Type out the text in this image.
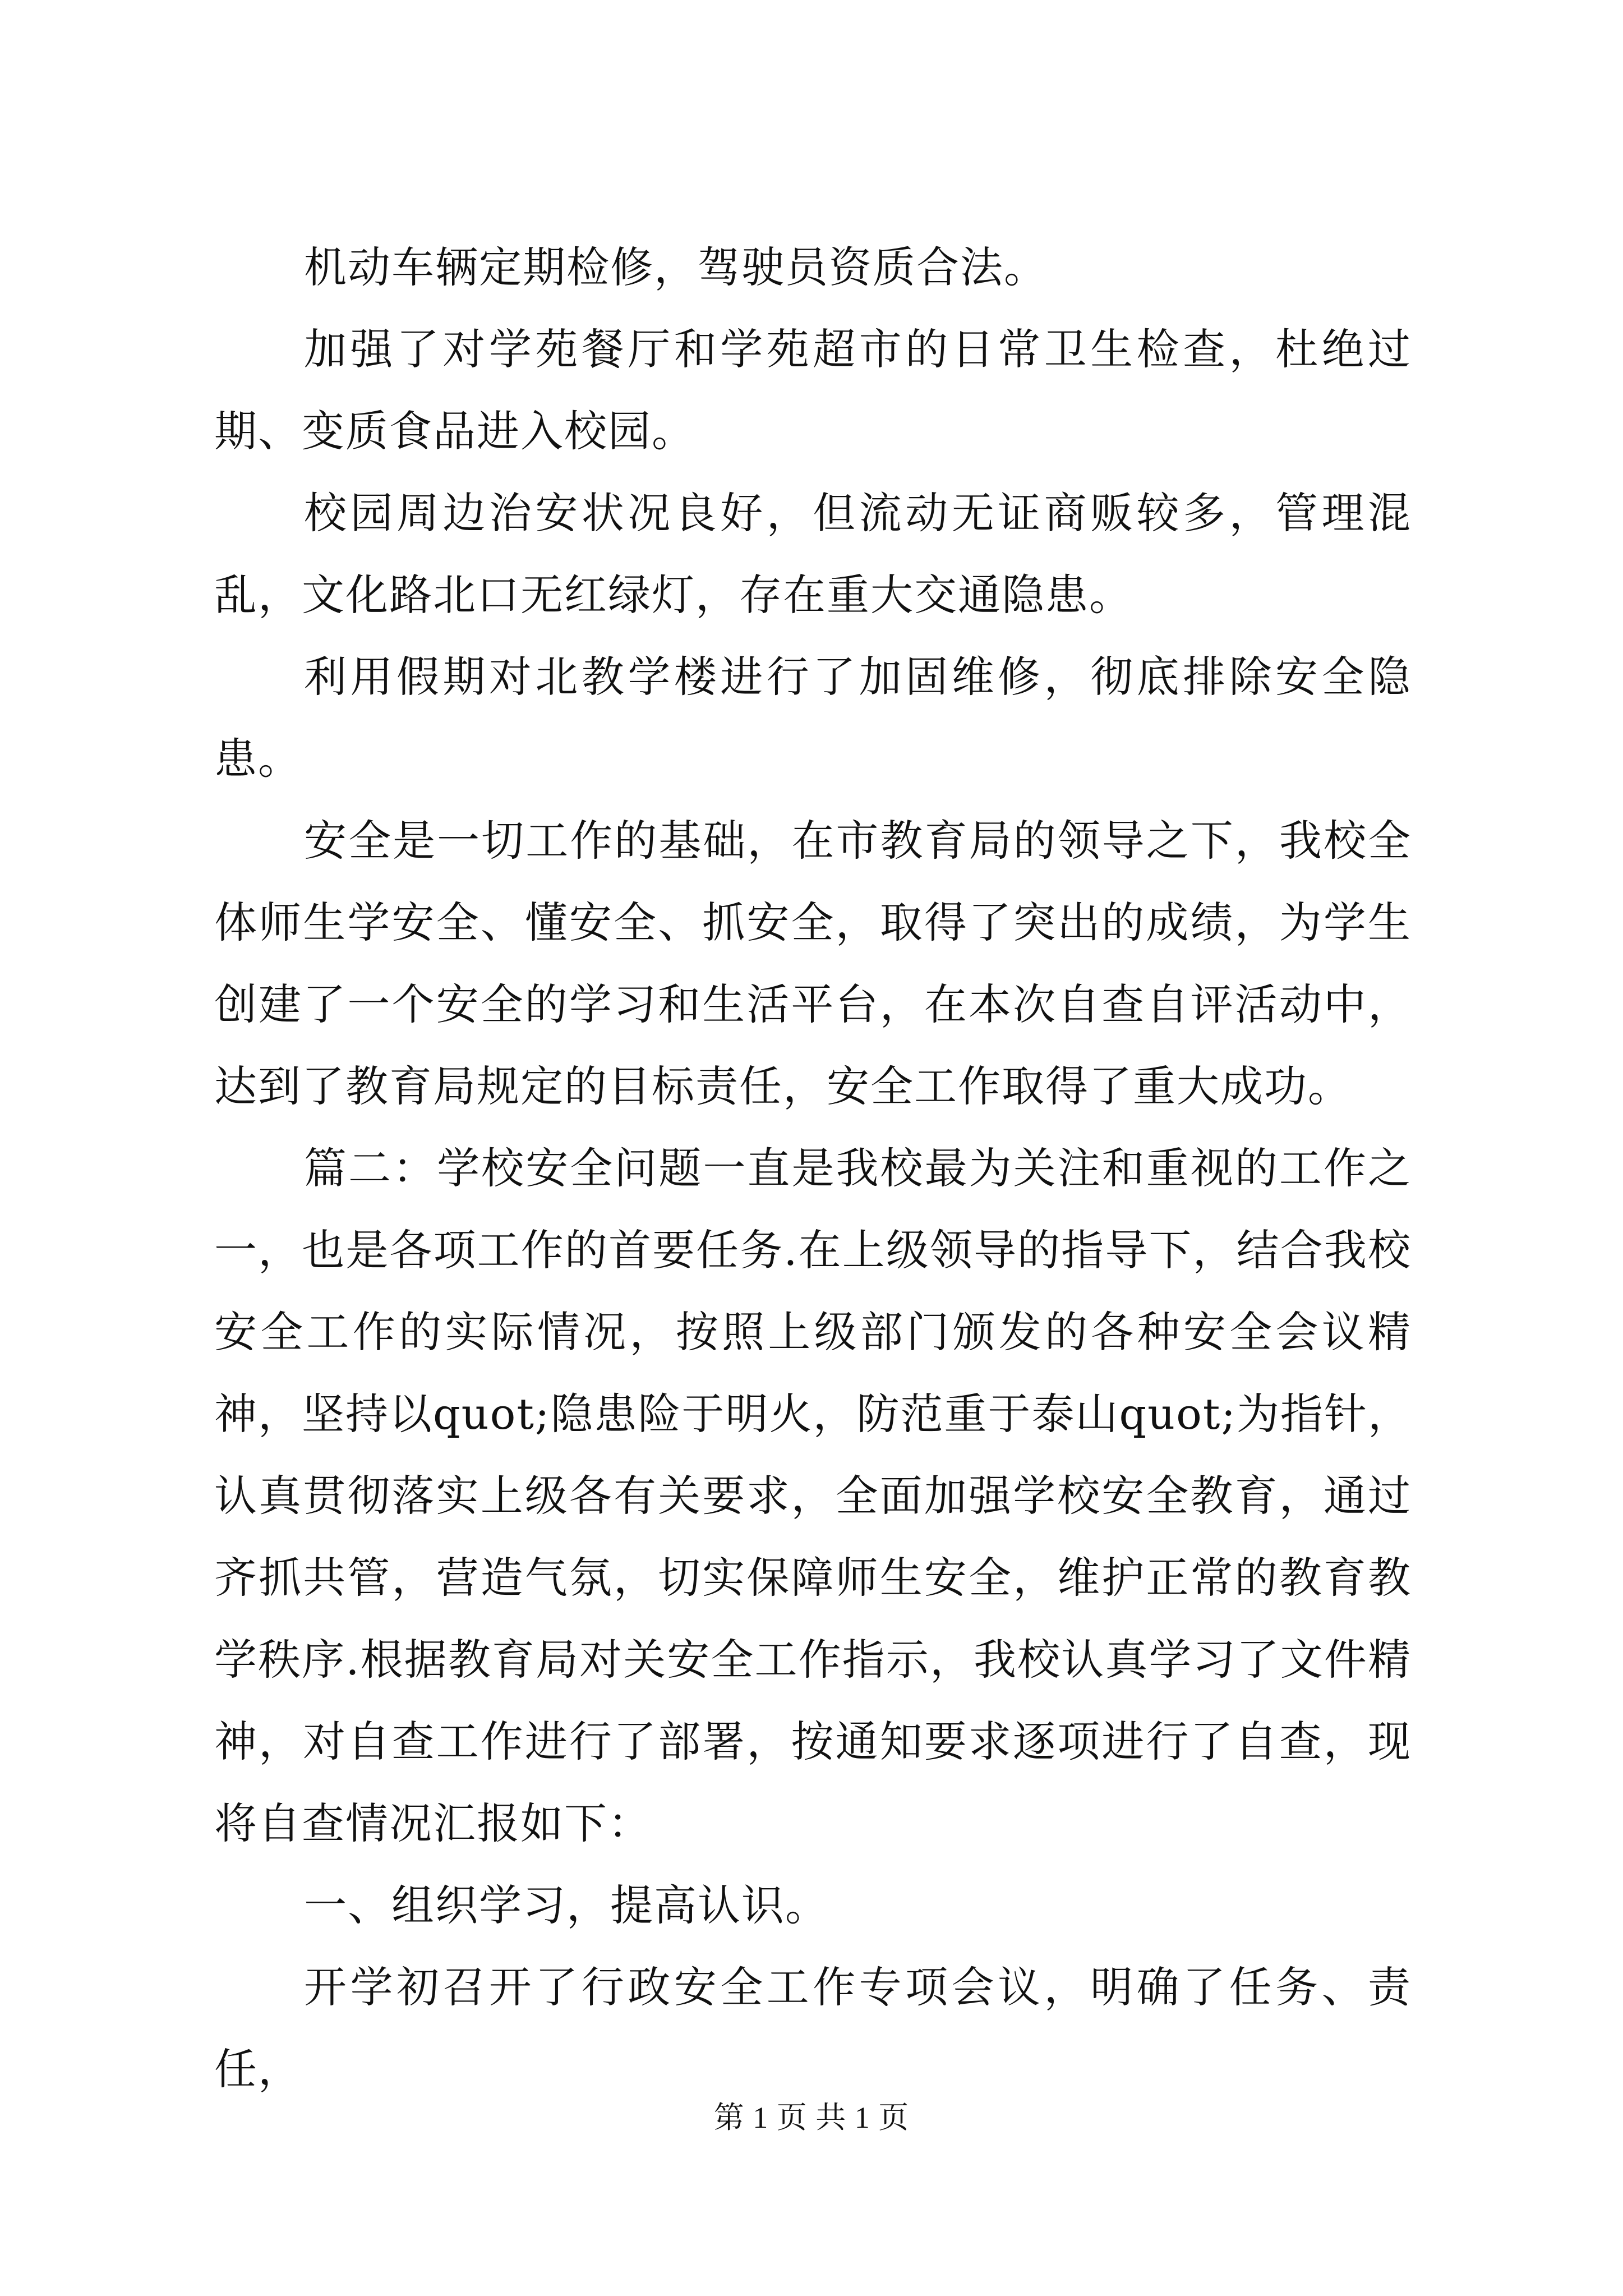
机动车辆定期检修，驾驶员资质合法。

加强了对学苑餐厅和学苑超市的日常卫生检查，杜绝过期、变质食品进入校园。

校园周边治安状况良好，但流动无证商贩较多，管理混乱，文化路北口无红绿灯，存在重大交通隐患。

利用假期对北教学楼进行了加固维修，彻底排除安全隐患。

安全是一切工作的基础，在市教育局的领导之下，我校全体师生学安全、懂安全、抓安全，取得了突出的成绩，为学生创建了一个安全的学习和生活平台，在本次自查自评活动中，达到了教育局规定的目标责任，安全工作取得了重大成功。

篇二：学校安全问题一直是我校最为关注和重视的工作之一，也是各项工作的首要任务.在上级领导的指导下，结合我校安全工作的实际情况，按照上级部门颁发的各种安全会议精神，坚持以quot;隐患险于明火，防范重于泰山quot;为指针，认真贯彻落实上级各有关要求，全面加强学校安全教育，通过齐抓共管，营造气氛，切实保障师生安全，维护正常的教育教学秩序.根据教育局对关安全工作指示，我校认真学习了文件精神，对自查工作进行了部署，按通知要求逐项进行了自查，现将自查情况汇报如下：

一、组织学习，提高认识。

开学初召开了行政安全工作专项会议，明确了任务、责任，

第 1 页 共 1 页
